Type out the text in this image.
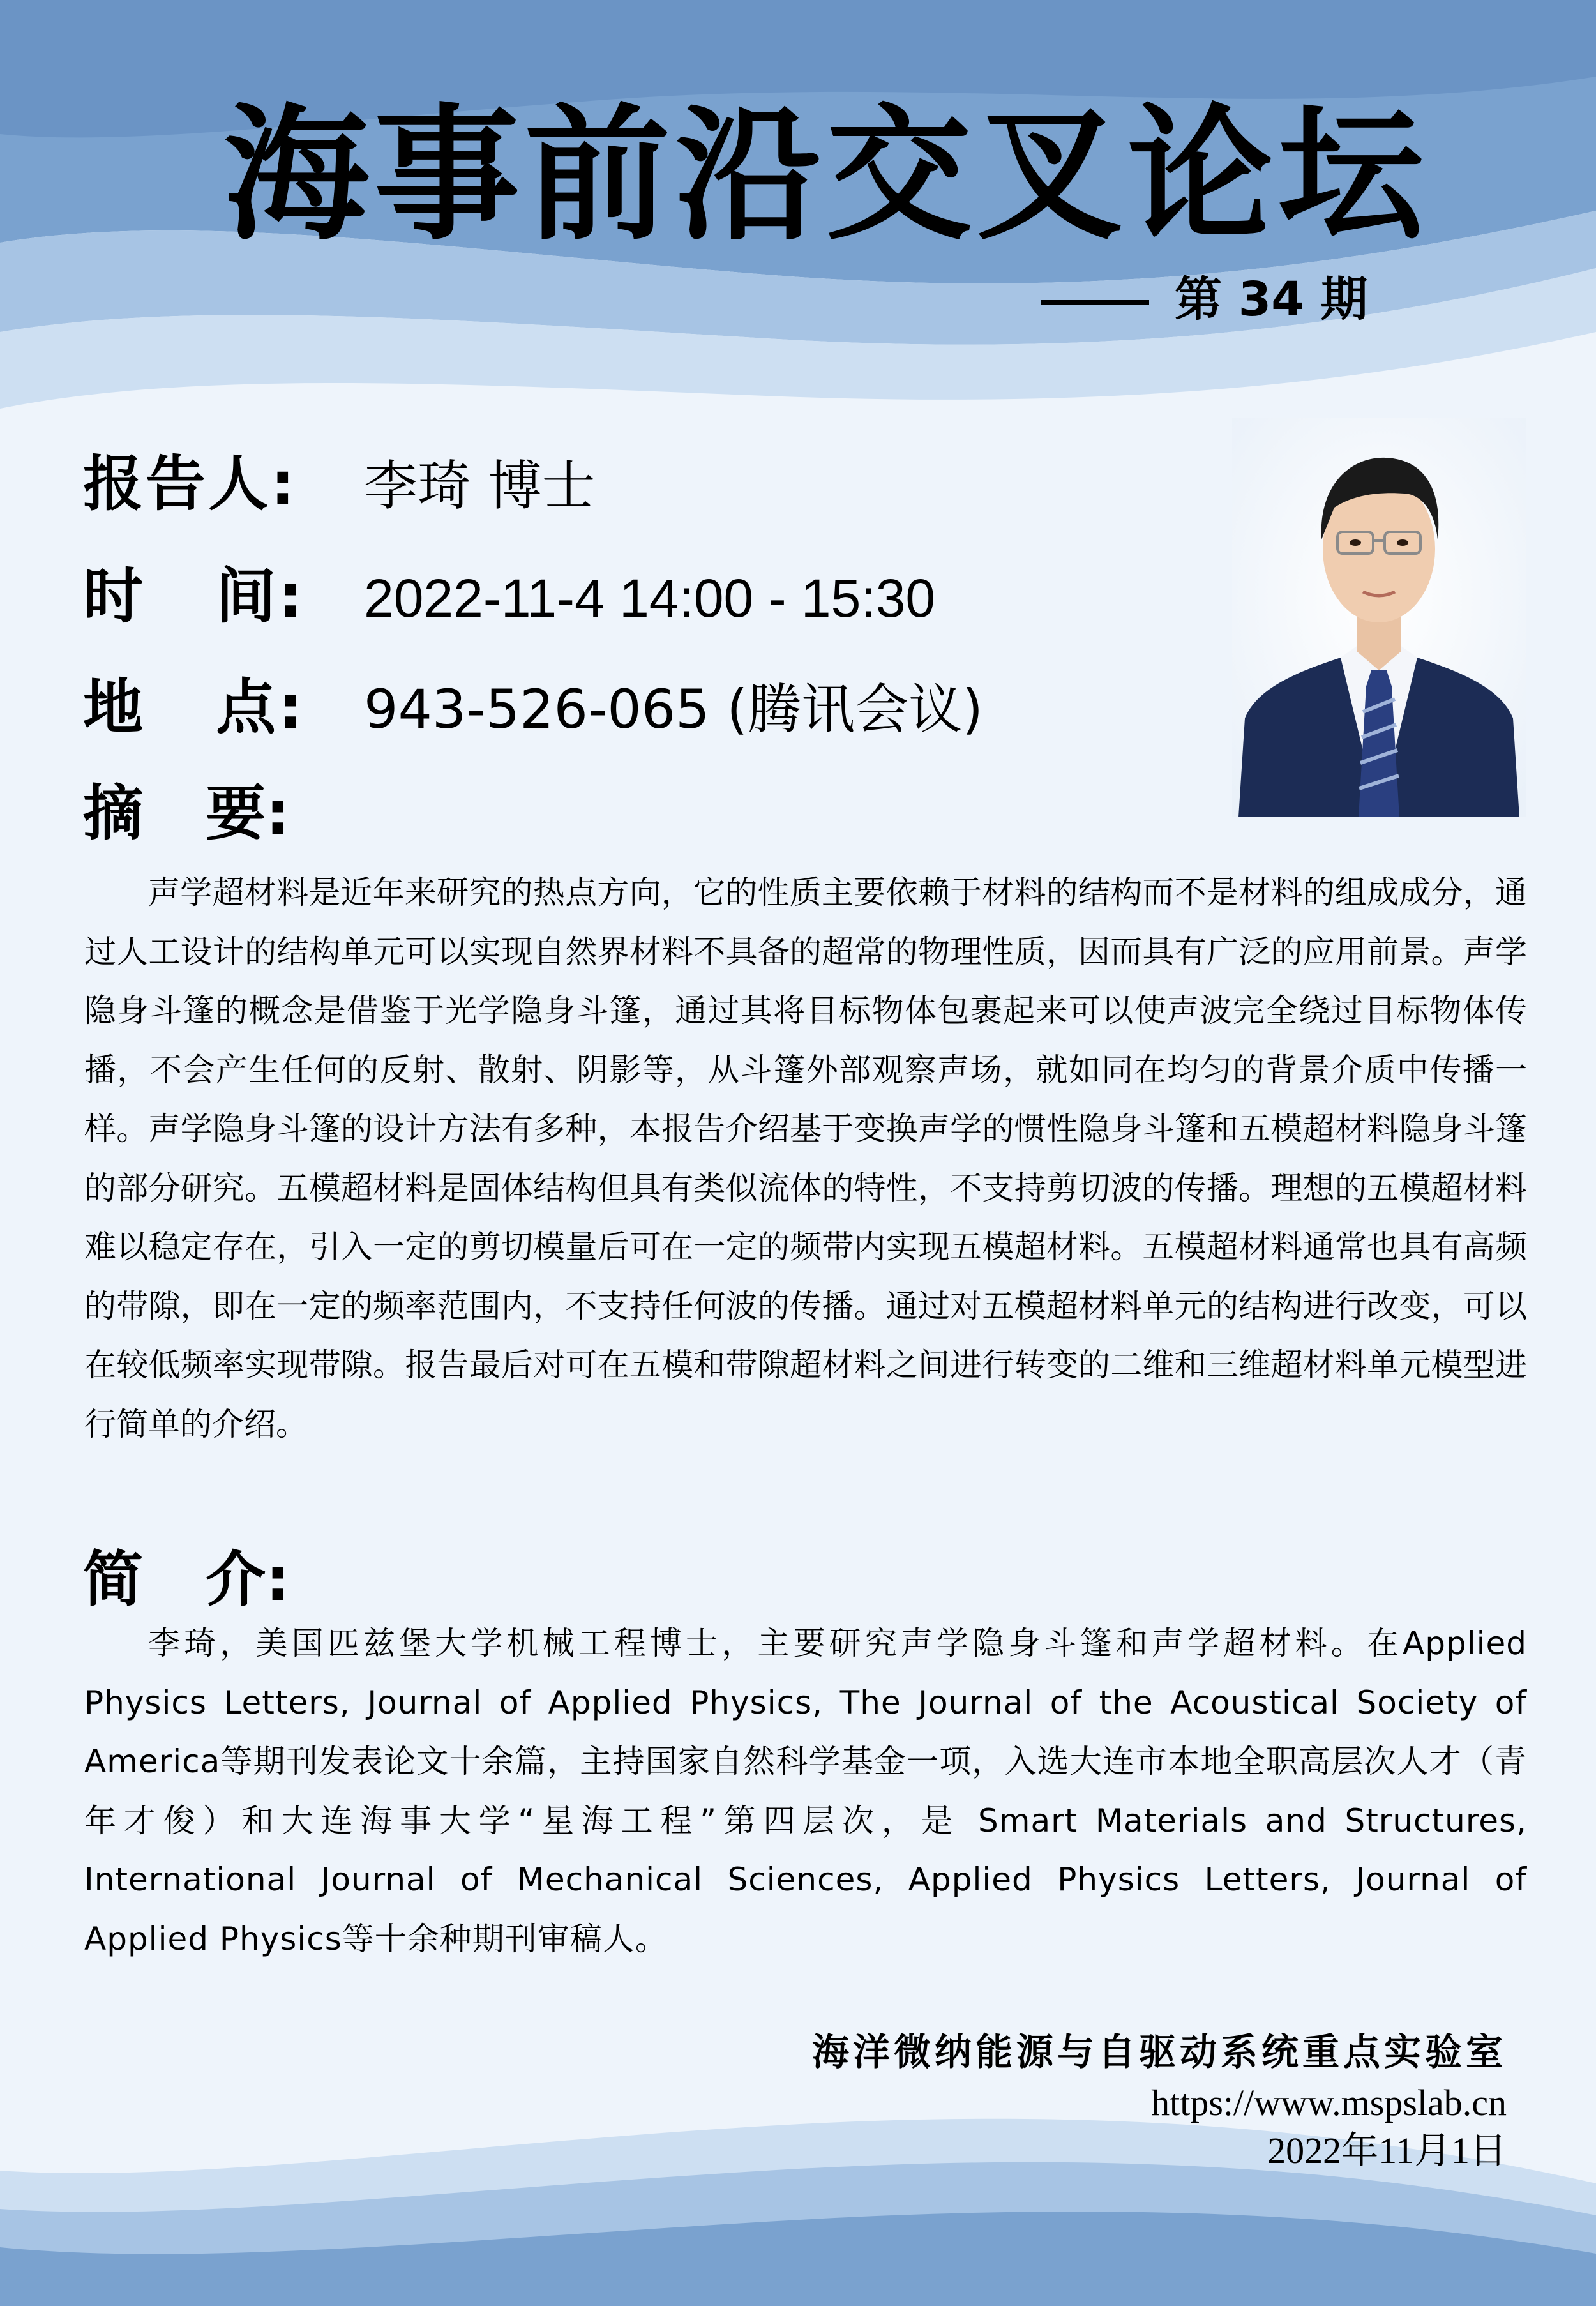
海事前沿交叉论坛
第 34 期
报告人: 李琦 博士
时   间: 2022-11-4 14:00 - 15:30
地   点: 943-526-065 (腾讯会议)
摘   要:

声学超材料是近年来研究的热点方向，它的性质主要依赖于材料的结构而不是材料的组成成分，通过人工设计的结构单元可以实现自然界材料不具备的超常的物理性质，因而具有广泛的应用前景。声学隐身斗篷的概念是借鉴于光学隐身斗篷，通过其将目标物体包裹起来可以使声波完全绕过目标物体传播，不会产生任何的反射、散射、阴影等，从斗篷外部观察声场，就如同在均匀的背景介质中传播一样。声学隐身斗篷的设计方法有多种，本报告介绍基于变换声学的惯性隐身斗篷和五模超材料隐身斗篷的部分研究。五模超材料是固体结构但具有类似流体的特性，不支持剪切波的传播。理想的五模超材料难以稳定存在，引入一定的剪切模量后可在一定的频带内实现五模超材料。五模超材料通常也具有高频的带隙，即在一定的频率范围内，不支持任何波的传播。通过对五模超材料单元的结构进行改变，可以在较低频率实现带隙。报告最后对可在五模和带隙超材料之间进行转变的二维和三维超材料单元模型进行简单的介绍。

简   介:

李琦，美国匹兹堡大学机械工程博士，主要研究声学隐身斗篷和声学超材料。在Applied Physics Letters, Journal of Applied Physics, The Journal of the Acoustical Society of America等期刊发表论文十余篇，主持国家自然科学基金一项，入选大连市本地全职高层次人才（青年才俊）和大连海事大学“星海工程”第四层次，是 Smart Materials and Structures, International Journal of Mechanical Sciences, Applied Physics Letters, Journal of Applied Physics等十余种期刊审稿人。

海洋微纳能源与自驱动系统重点实验室
https://www.mspslab.cn
2022年11月1日
